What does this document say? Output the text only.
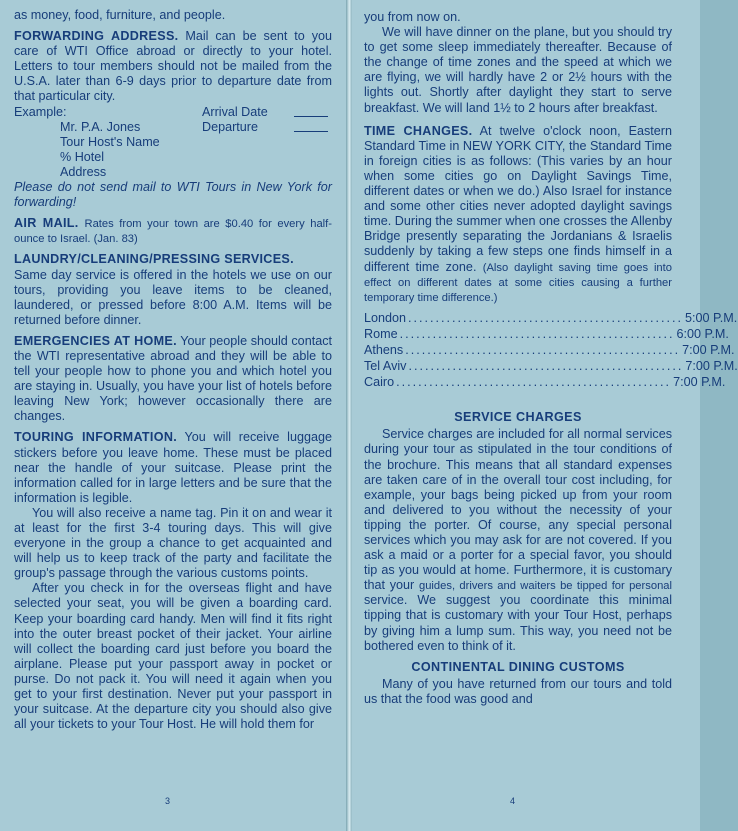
as money, food, furniture, and people.

FORWARDING ADDRESS. Mail can be sent to you care of WTI Office abroad or directly to your hotel. Letters to tour members should not be mailed from the U.S.A. later than 6-9 days prior to departure date from that particular city.

Example:	Arrival Date
Mr. P.A. Jones	Departure

Tour Host's Name

% Hotel

Address

Please do not send mail to WTI Tours in New York for forwarding!

AIR MAIL. Rates from your town are $0.40 for every half-ounce to Israel. (Jan. 83)

LAUNDRY/CLEANING/PRESSING SERVICES.

Same day service is offered in the hotels we use on our tours, providing you leave items to be cleaned, laundered, or pressed before 8:00 A.M. Items will be returned before dinner.

EMERGENCIES AT HOME. Your people should contact the WTI representative abroad and they will be able to tell your people how to phone you and which hotel you are staying in. Usually, you have your list of hotels before leaving New York; however occasionally there are changes.

TOURING INFORMATION. You will receive luggage stickers before you leave home. These must be placed near the handle of your suitcase. Please print the information called for in large letters and be sure that the information is legible.

You will also receive a name tag. Pin it on and wear it at least for the first 3-4 touring days. This will give everyone in the group a chance to get acquainted and will help us to keep track of the party and facilitate the group's passage through the various customs points.

After you check in for the overseas flight and have selected your seat, you will be given a boarding card. Keep your boarding card handy. Men will find it fits right into the outer breast pocket of their jacket. Your airline will collect the boarding card just before you board the airplane. Please put your passport away in pocket or purse. Do not pack it. You will need it again when you get to your first destination. Never put your passport in your suitcase. At the departure city you should also give all your tickets to your Tour Host. He will hold them for

3

you from now on.

We will have dinner on the plane, but you should try to get some sleep immediately thereafter. Because of the change of time zones and the speed at which we are flying, we will hardly have 2 or 2½ hours with the lights out. Shortly after daylight they start to serve breakfast. We will land 1½ to 2 hours after breakfast.

TIME CHANGES. At twelve o'clock noon, Eastern Standard Time in NEW YORK CITY, the Standard Time in foreign cities is as follows: (This varies by an hour when some cities go on Daylight Savings Time, different dates or when we do.) Also Israel for instance and some other cities never adopted daylight savings time. During the summer when one crosses the Allenby Bridge presently separating the Jordanians & Israelis suddenly by taking a few steps one finds himself in a different time zone. (Also daylight saving time goes into effect on different dates at some cities causing a further temporary time difference.)

London .................................................. 5:00 P.M.
Rome .................................................. 6:00 P.M.
Athens .................................................. 7:00 P.M.
Tel Aviv .................................................. 7:00 P.M.
Cairo .................................................. 7:00 P.M.

SERVICE CHARGES

Service charges are included for all normal services during your tour as stipulated in the tour conditions of the brochure. This means that all standard expenses are taken care of in the overall tour cost including, for example, your bags being picked up from your room and delivered to you without the necessity of your tipping the porter. Of course, any special personal services which you may ask for are not covered. If you ask a maid or a porter for a special favor, you should tip as you would at home. Furthermore, it is customary that your guides, drivers and waiters be tipped for personal service. We suggest you coordinate this minimal tipping that is customary with your Tour Host, perhaps by giving him a lump sum. This way, you need not be bothered even to think of it.

CONTINENTAL DINING CUSTOMS

Many of you have returned from our tours and told us that the food was good and

4
